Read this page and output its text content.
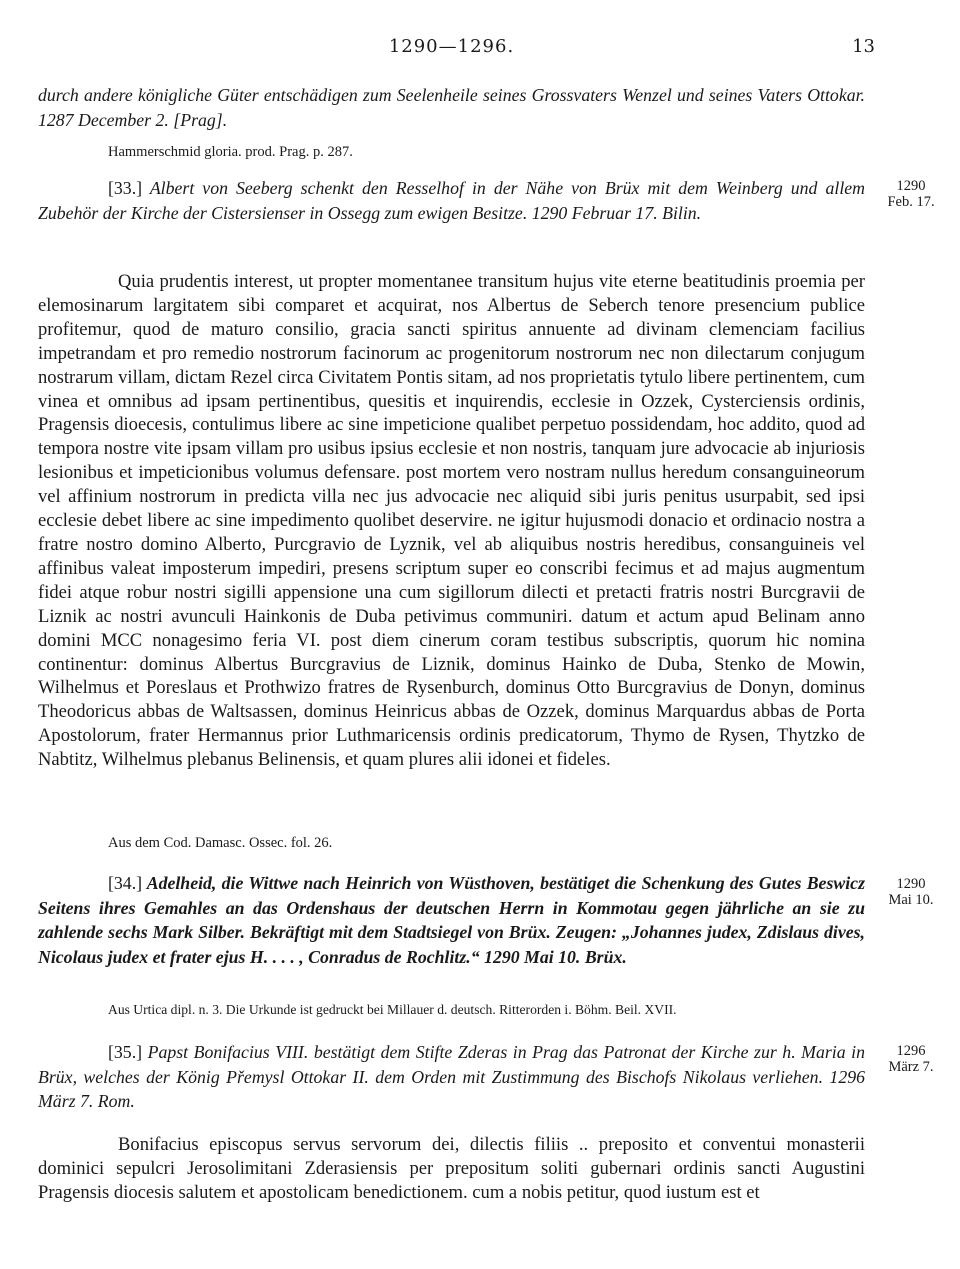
1290—1296.	13
durch andere königliche Güter entschädigen zum Seelenheile seines Grossvaters Wenzel und seines Vaters Ottokar. 1287 December 2. [Prag].
Hammerschmid gloria. prod. Prag. p. 287.
[33.] Albert von Seeberg schenkt den Resselhof in der Nähe von Brüx mit dem Weinberg und allem Zubehör der Kirche der Cistersienser in Ossegg zum ewigen Besitze. 1290 Februar 17. Bilin.
1290
Feb. 17.

Quia prudentis interest, ut propter momentanee transitum hujus vite eterne beatitudinis proemia per elemosinarum largitatem sibi comparet et acquirat, nos Albertus de Seberch tenore presencium publice profitemur, quod de maturo consilio, gracia sancti spiritus annuente ad divinam clemenciam facilius impetrandam et pro remedio nostrorum facinorum ac progenitorum nostrorum nec non dilectarum conjugum nostrarum villam, dictam Rezel circa Civitatem Pontis sitam, ad nos proprietatis tytulo libere pertinentem, cum vinea et omnibus ad ipsam pertinentibus, quesitis et inquirendis, ecclesie in Ozzek, Cysterciensis ordinis, Pragensis dioecesis, contulimus libere ac sine impeticione qualibet perpetuo possidendam, hoc addito, quod ad tempora nostre vite ipsam villam pro usibus ipsius ecclesie et non nostris, tanquam jure advocacie ab injuriosis lesionibus et impeticionibus volumus defensare. post mortem vero nostram nullus heredum consanguineorum vel affinium nostrorum in predicta villa nec jus advocacie nec aliquid sibi juris penitus usurpabit, sed ipsi ecclesie debet libere ac sine impedimento quolibet deservire. ne igitur hujusmodi donacio et ordinacio nostra a fratre nostro domino Alberto, Purcgravio de Lyznik, vel ab aliquibus nostris heredibus, consanguineis vel affinibus valeat imposterum impediri, presens scriptum super eo conscribi fecimus et ad majus augmentum fidei atque robur nostri sigilli appensione una cum sigillorum dilecti et pretacti fratris nostri Burcgravii de Liznik ac nostri avunculi Hainkonis de Duba petivimus communiri. datum et actum apud Belinam anno domini MCC nonagesimo feria VI. post diem cinerum coram testibus subscriptis, quorum hic nomina continentur: dominus Albertus Burcgravius de Liznik, dominus Hainko de Duba, Stenko de Mowin, Wilhelmus et Poreslaus et Prothwizo fratres de Rysenburch, dominus Otto Burcgravius de Donyn, dominus Theodoricus abbas de Waltsassen, dominus Heinricus abbas de Ozzek, dominus Marquardus abbas de Porta Apostolorum, frater Hermannus prior Luthmaricensis ordinis predicatorum, Thymo de Rysen, Thytzko de Nabtitz, Wilhelmus plebanus Belinensis, et quam plures alii idonei et fideles.

Aus dem Cod. Damasc. Ossec. fol. 26.
[34.] Adelheid, die Wittwe nach Heinrich von Wüsthoven, bestätiget die Schenkung des Gutes Beswicz Seitens ihres Gemahles an das Ordenshaus der deutschen Herrn in Kommotau gegen jährliche an sie zu zahlende sechs Mark Silber. Bekräftigt mit dem Stadtsiegel von Brüx. Zeugen: „Johannes judex, Zdislaus dives, Nicolaus judex et frater ejus H. . . . , Conradus de Rochlitz.“ 1290 Mai 10. Brüx.
1290
Mai 10.
Aus Urtica dipl. n. 3. Die Urkunde ist gedruckt bei Millauer d. deutsch. Ritterorden i. Böhm. Beil. XVII.
[35.] Papst Bonifacius VIII. bestätigt dem Stifte Zderas in Prag das Patronat der Kirche zur h. Maria in Brüx, welches der König Přemysl Ottokar II. dem Orden mit Zustimmung des Bischofs Nikolaus verliehen. 1296 März 7. Rom.
1296
März 7.

Bonifacius episcopus servus servorum dei, dilectis filiis .. preposito et conventui monasterii dominici sepulcri Jerosolimitani Zderasiensis per prepositum soliti gubernari ordinis sancti Augustini Pragensis diocesis salutem et apostolicam benedictionem. cum a nobis petitur, quod iustum est et
